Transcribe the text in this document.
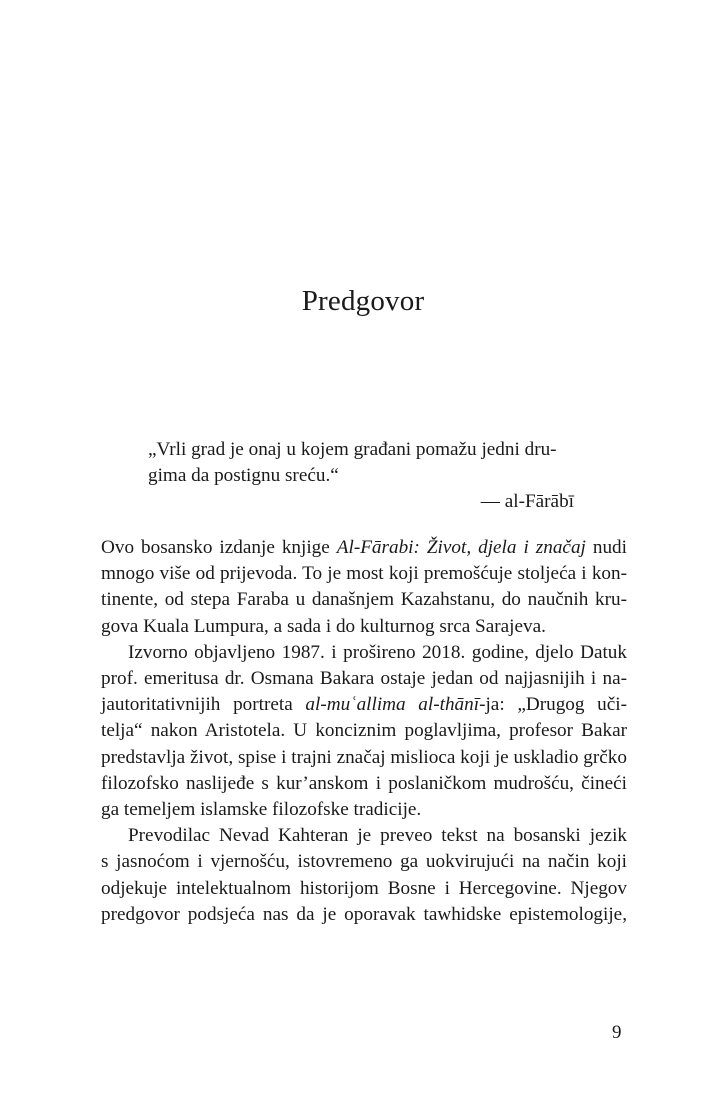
Predgovor
„Vrli grad je onaj u kojem građani pomažu jedni dru-
gima da postignu sreću.“
— al-Fārābī
Ovo bosansko izdanje knjige Al-Fārabi: Život, djela i značaj nudi
mnogo više od prijevoda. To je most koji premošćuje stoljeća i kon-
tinente, od stepa Faraba u današnjem Kazahstanu, do naučnih kru-
gova Kuala Lumpura, a sada i do kulturnog srca Sarajeva.
Izvorno objavljeno 1987. i prošireno 2018. godine, djelo Datuk
prof. emeritusa dr. Osmana Bakara ostaje jedan od najjasnijih i na-
jautoritativnijih portreta al-muʿallima al-thānī-ja: „Drugog uči-
telja“ nakon Aristotela. U konciznim poglavljima, profesor Bakar
predstavlja život, spise i trajni značaj mislioca koji je uskladio grčko
filozofsko naslijeđe s kur’anskom i poslaničkom mudrošću, čineći
ga temeljem islamske filozofske tradicije.
Prevodilac Nevad Kahteran je preveo tekst na bosanski jezik
s jasnoćom i vjernošću, istovremeno ga uokvirujući na način koji
odjekuje intelektualnom historijom Bosne i Hercegovine. Njegov
predgovor podsjeća nas da je oporavak tawhidske epistemologije,
9
